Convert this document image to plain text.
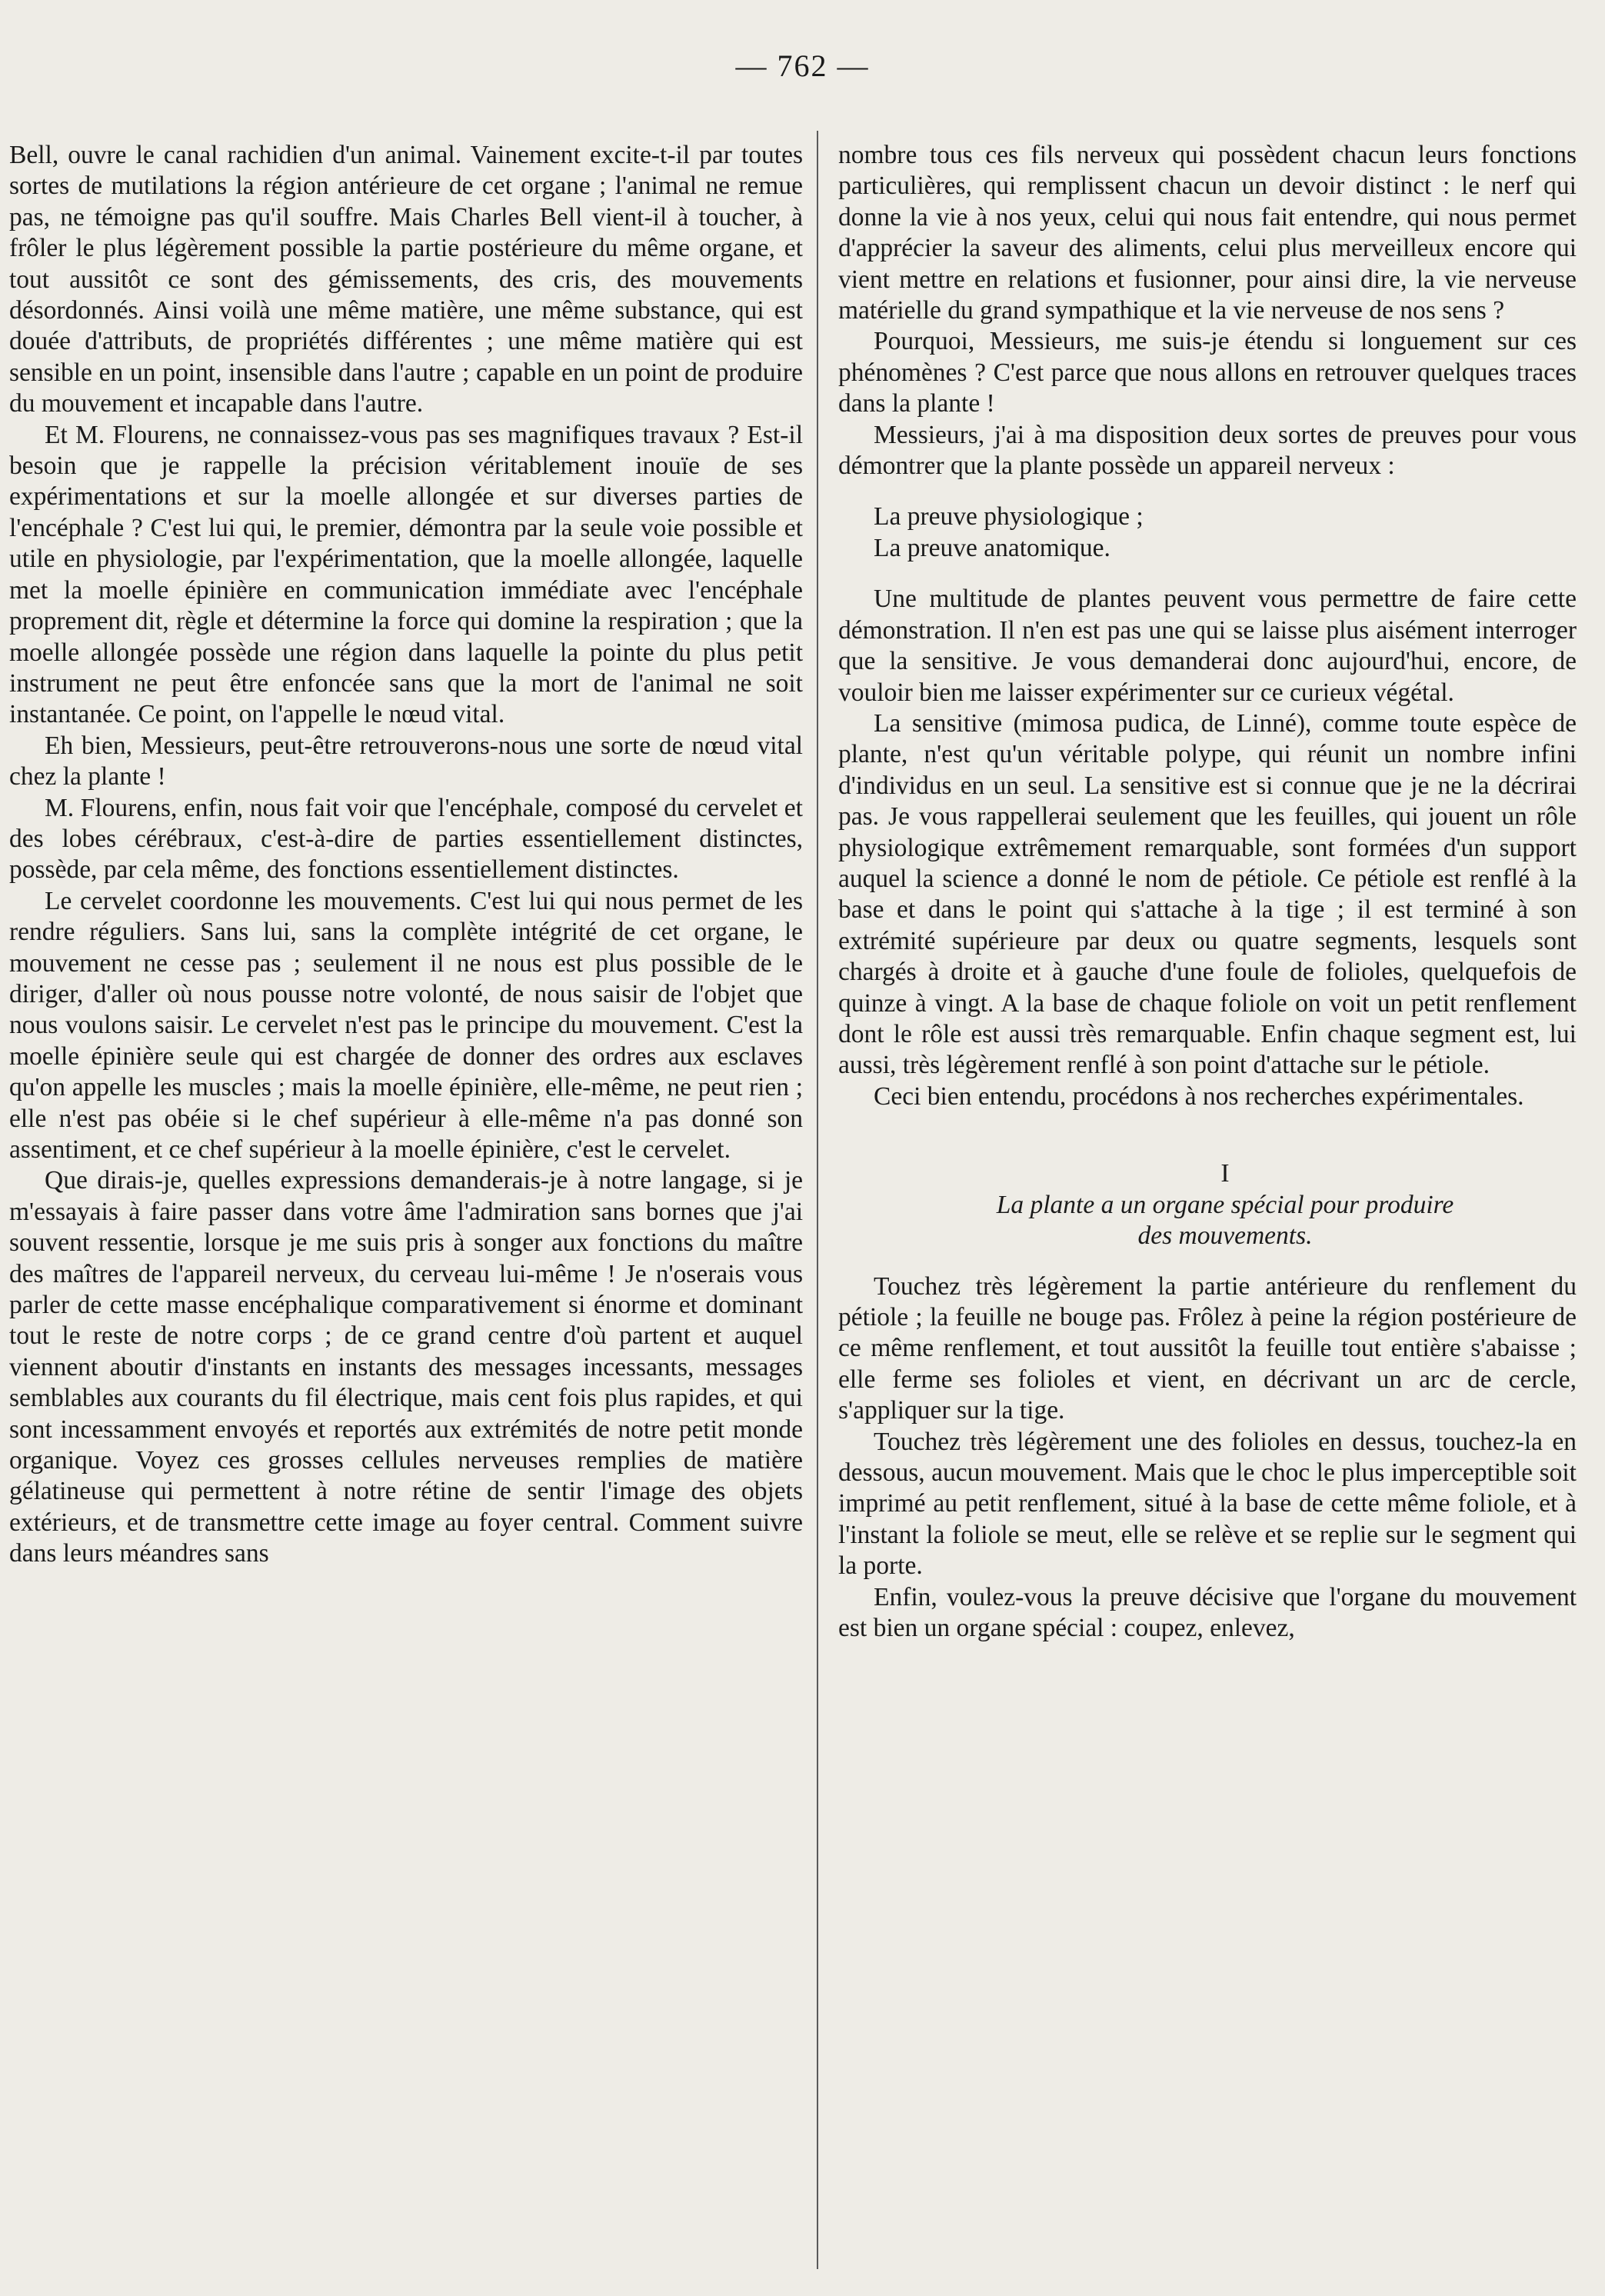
— 762 —

Bell, ouvre le canal rachidien d'un animal. Vainement excite-t-il par toutes sortes de mutilations la région antérieure de cet organe ; l'animal ne remue pas, ne témoigne pas qu'il souffre. Mais Charles Bell vient-il à toucher, à frôler le plus légèrement possible la partie postérieure du même organe, et tout aussitôt ce sont des gémissements, des cris, des mouvements désordonnés. Ainsi voilà une même matière, une même substance, qui est douée d'attributs, de propriétés différentes ; une même matière qui est sensible en un point, insensible dans l'autre ; capable en un point de produire du mouvement et incapable dans l'autre.

Et M. Flourens, ne connaissez-vous pas ses magnifiques travaux ? Est-il besoin que je rappelle la précision véritablement inouïe de ses expérimentations et sur la moelle allongée et sur diverses parties de l'encéphale ? C'est lui qui, le premier, démontra par la seule voie possible et utile en physiologie, par l'expérimentation, que la moelle allongée, laquelle met la moelle épinière en communication immédiate avec l'encéphale proprement dit, règle et détermine la force qui domine la respiration ; que la moelle allongée possède une région dans laquelle la pointe du plus petit instrument ne peut être enfoncée sans que la mort de l'animal ne soit instantanée. Ce point, on l'appelle le nœud vital.

Eh bien, Messieurs, peut-être retrouverons-nous une sorte de nœud vital chez la plante !

M. Flourens, enfin, nous fait voir que l'encéphale, composé du cervelet et des lobes cérébraux, c'est-à-dire de parties essentiellement distinctes, possède, par cela même, des fonctions essentiellement distinctes.

Le cervelet coordonne les mouvements. C'est lui qui nous permet de les rendre réguliers. Sans lui, sans la complète intégrité de cet organe, le mouvement ne cesse pas ; seulement il ne nous est plus possible de le diriger, d'aller où nous pousse notre volonté, de nous saisir de l'objet que nous voulons saisir. Le cervelet n'est pas le principe du mouvement. C'est la moelle épinière seule qui est chargée de donner des ordres aux esclaves qu'on appelle les muscles ; mais la moelle épinière, elle-même, ne peut rien ; elle n'est pas obéie si le chef supérieur à elle-même n'a pas donné son assentiment, et ce chef supérieur à la moelle épinière, c'est le cervelet.

Que dirais-je, quelles expressions demanderais-je à notre langage, si je m'essayais à faire passer dans votre âme l'admiration sans bornes que j'ai souvent ressentie, lorsque je me suis pris à songer aux fonctions du maître des maîtres de l'appareil nerveux, du cerveau lui-même ! Je n'oserais vous parler de cette masse encéphalique comparativement si énorme et dominant tout le reste de notre corps ; de ce grand centre d'où partent et auquel viennent aboutir d'instants en instants des messages incessants, messages semblables aux courants du fil électrique, mais cent fois plus rapides, et qui sont incessamment envoyés et reportés aux extrémités de notre petit monde organique. Voyez ces grosses cellules nerveuses remplies de matière gélatineuse qui permettent à notre rétine de sentir l'image des objets extérieurs, et de transmettre cette image au foyer central. Comment suivre dans leurs méandres sans

nombre tous ces fils nerveux qui possèdent chacun leurs fonctions particulières, qui remplissent chacun un devoir distinct : le nerf qui donne la vie à nos yeux, celui qui nous fait entendre, qui nous permet d'apprécier la saveur des aliments, celui plus merveilleux encore qui vient mettre en relations et fusionner, pour ainsi dire, la vie nerveuse matérielle du grand sympathique et la vie nerveuse de nos sens ?

Pourquoi, Messieurs, me suis-je étendu si longuement sur ces phénomènes ? C'est parce que nous allons en retrouver quelques traces dans la plante !

Messieurs, j'ai à ma disposition deux sortes de preuves pour vous démontrer que la plante possède un appareil nerveux :

La preuve physiologique ;

La preuve anatomique.

Une multitude de plantes peuvent vous permettre de faire cette démonstration. Il n'en est pas une qui se laisse plus aisément interroger que la sensitive. Je vous demanderai donc aujourd'hui, encore, de vouloir bien me laisser expérimenter sur ce curieux végétal.

La sensitive (mimosa pudica, de Linné), comme toute espèce de plante, n'est qu'un véritable polype, qui réunit un nombre infini d'individus en un seul. La sensitive est si connue que je ne la décrirai pas. Je vous rappellerai seulement que les feuilles, qui jouent un rôle physiologique extrêmement remarquable, sont formées d'un support auquel la science a donné le nom de pétiole. Ce pétiole est renflé à la base et dans le point qui s'attache à la tige ; il est terminé à son extrémité supérieure par deux ou quatre segments, lesquels sont chargés à droite et à gauche d'une foule de folioles, quelquefois de quinze à vingt. A la base de chaque foliole on voit un petit renflement dont le rôle est aussi très remarquable. Enfin chaque segment est, lui aussi, très légèrement renflé à son point d'attache sur le pétiole.

Ceci bien entendu, procédons à nos recherches expérimentales.

I

La plante a un organe spécial pour produire
des mouvements.

Touchez très légèrement la partie antérieure du renflement du pétiole ; la feuille ne bouge pas. Frôlez à peine la région postérieure de ce même renflement, et tout aussitôt la feuille tout entière s'abaisse ; elle ferme ses folioles et vient, en décrivant un arc de cercle, s'appliquer sur la tige.

Touchez très légèrement une des folioles en dessus, touchez-la en dessous, aucun mouvement. Mais que le choc le plus imperceptible soit imprimé au petit renflement, situé à la base de cette même foliole, et à l'instant la foliole se meut, elle se relève et se replie sur le segment qui la porte.

Enfin, voulez-vous la preuve décisive que l'organe du mouvement est bien un organe spécial : coupez, enlevez,
